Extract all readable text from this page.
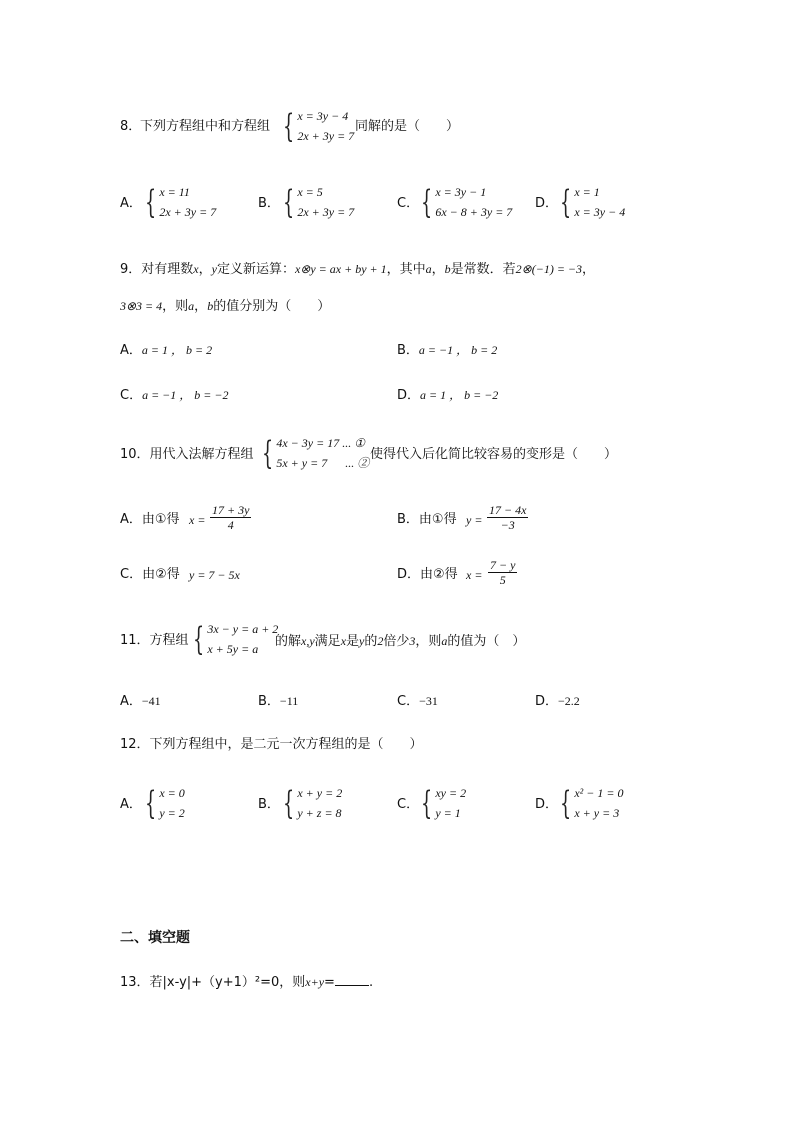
8．
下列方程组中和方程组 { x = 3y − 4
2x + 3y = 7
同解的是（　　）
A． { x = 11
2x + 3y = 7
B． { x = 5
2x + 3y = 7
C． { x = 3y − 1
6x − 8 + 3y = 7
D． { x = 1
x = 3y − 4
9．对有理数x，y定义新运算：x⊗y = ax + by + 1，其中a，b是常数．若2⊗(−1) = −3，
3⊗3 = 4，则a，b的值分别为（　　）
A．a = 1 ， b = 2	B．a = −1 ， b = 2
C．a = −1 ， b = −2	D．a = 1 ， b = −2
10．用代入法解方程组 { 4x − 3y = 17 ... ①
5x + y = 7 　 ... ②
使得代入后化简比较容易的变形是（　　）
A．由①得 $x = \frac{17 + 3y}{4}$	B．由①得 $y = \frac{17 - 4x}{-3}$
C．由②得 y = 7 − 5x	D．由②得 $x = \frac{7 - y}{5}$
11．方程组 { 3x − y = a + 2
x + 5y = a	的解x,y满足x是y的2倍少3，则a的值为（　）
A．−41	B．−11	C．−31	D．−2.2
12．下列方程组中，是二元一次方程组的是（　　）
A． { x = 0
y = 2
B． { x + y = 2
y + z = 8
C． { xy = 2
y = 1
D． { x² − 1 = 0
x + y = 3
二、填空题
13．若|x-y|+（y+1）²=0，则x+y=	.
